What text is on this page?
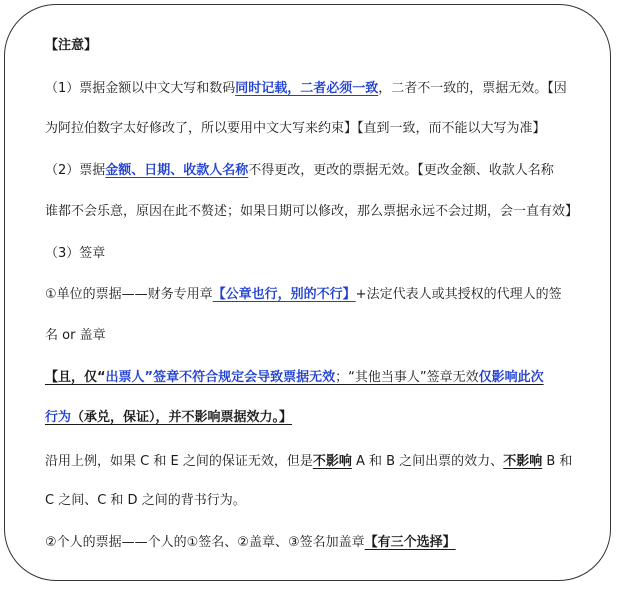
【注意】
（1）票据金额以中文大写和数码同时记载，二者必须一致，二者不一致的，票据无效。【因
为阿拉伯数字太好修改了，所以要用中文大写来约束】【直到一致，而不能以大写为准】
（2）票据金额、日期、收款人名称不得更改，更改的票据无效。【更改金额、收款人名称
谁都不会乐意，原因在此不赘述；如果日期可以修改，那么票据永远不会过期，会一直有效】
（3）签章
①单位的票据——财务专用章【公章也行，别的不行】+法定代表人或其授权的代理人的签
名 or 盖章
【且，仅“出票人”签章不符合规定会导致票据无效；“其他当事人”签章无效仅影响此次
行为（承兑，保证），并不影响票据效力。】
沿用上例，如果 C 和 E 之间的保证无效，但是不影响 A 和 B 之间出票的效力、不影响 B 和
C 之间、C 和 D 之间的背书行为。
②个人的票据——个人的①签名、②盖章、③签名加盖章【有三个选择】
